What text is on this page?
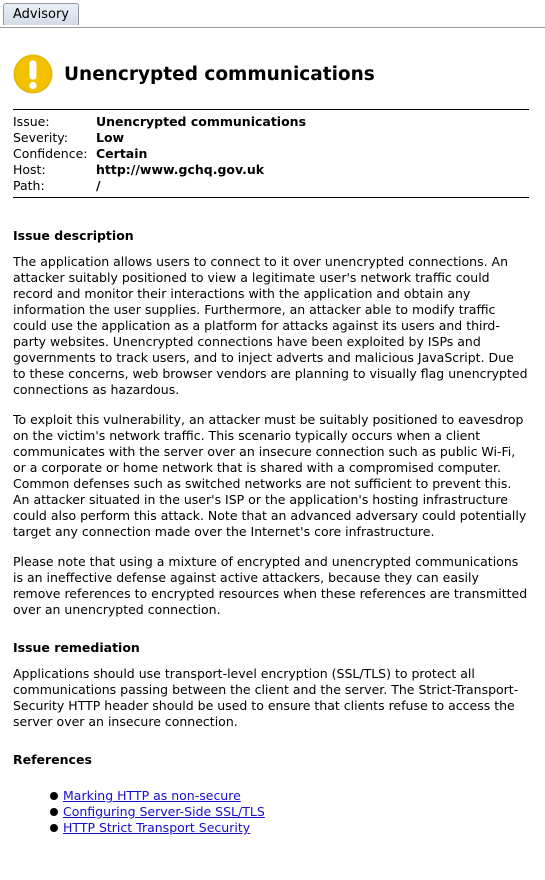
Advisory
Unencrypted communications
Issue:	Unencrypted communications
Severity:	Low
Confidence: Certain
Host:	http://www.gchq.gov.uk
Path:	/
Issue description

The application allows users to connect to it over unencrypted connections. An attacker suitably positioned to view a legitimate user's network traffic could record and monitor their interactions with the application and obtain any information the user supplies. Furthermore, an attacker able to modify traffic could use the application as a platform for attacks against its users and third-party websites. Unencrypted connections have been exploited by ISPs and governments to track users, and to inject adverts and malicious JavaScript. Due to these concerns, web browser vendors are planning to visually flag unencrypted connections as hazardous.

To exploit this vulnerability, an attacker must be suitably positioned to eavesdrop on the victim's network traffic. This scenario typically occurs when a client communicates with the server over an insecure connection such as public Wi-Fi, or a corporate or home network that is shared with a compromised computer. Common defenses such as switched networks are not sufficient to prevent this. An attacker situated in the user's ISP or the application's hosting infrastructure could also perform this attack. Note that an advanced adversary could potentially target any connection made over the Internet's core infrastructure.

Please note that using a mixture of encrypted and unencrypted communications is an ineffective defense against active attackers, because they can easily remove references to encrypted resources when these references are transmitted over an unencrypted connection.

Issue remediation

Applications should use transport-level encryption (SSL/TLS) to protect all communications passing between the client and the server. The Strict-Transport-Security HTTP header should be used to ensure that clients refuse to access the server over an insecure connection.

References
Marking HTTP as non-secure
Configuring Server-Side SSL/TLS
HTTP Strict Transport Security
